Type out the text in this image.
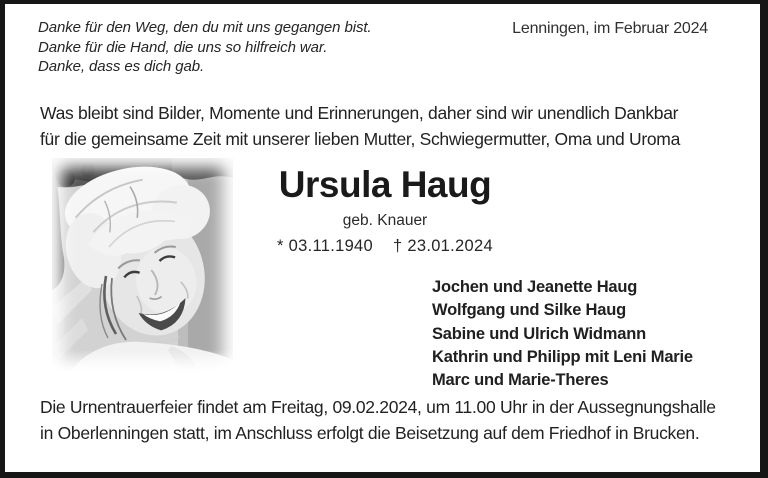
Danke für den Weg, den du mit uns gegangen bist.

Danke für die Hand, die uns so hilfreich war.

Danke, dass es dich gab.

Lenningen, im Februar 2024

Was bleibt sind Bilder, Momente und Erinnerungen, daher sind wir unendlich Dankbar

für die gemeinsame Zeit mit unserer lieben Mutter, Schwiegermutter, Oma und Uroma

Ursula Haug
geb. Knauer
* 03.11.1940 † 23.01.2024

Jochen und Jeanette Haug

Wolfgang und Silke Haug

Sabine und Ulrich Widmann

Kathrin und Philipp mit Leni Marie

Marc und Marie-Theres

Die Urnentrauerfeier findet am Freitag, 09.02.2024, um 11.00 Uhr in der Aussegnungshalle

in Oberlenningen statt, im Anschluss erfolgt die Beisetzung auf dem Friedhof in Brucken.
